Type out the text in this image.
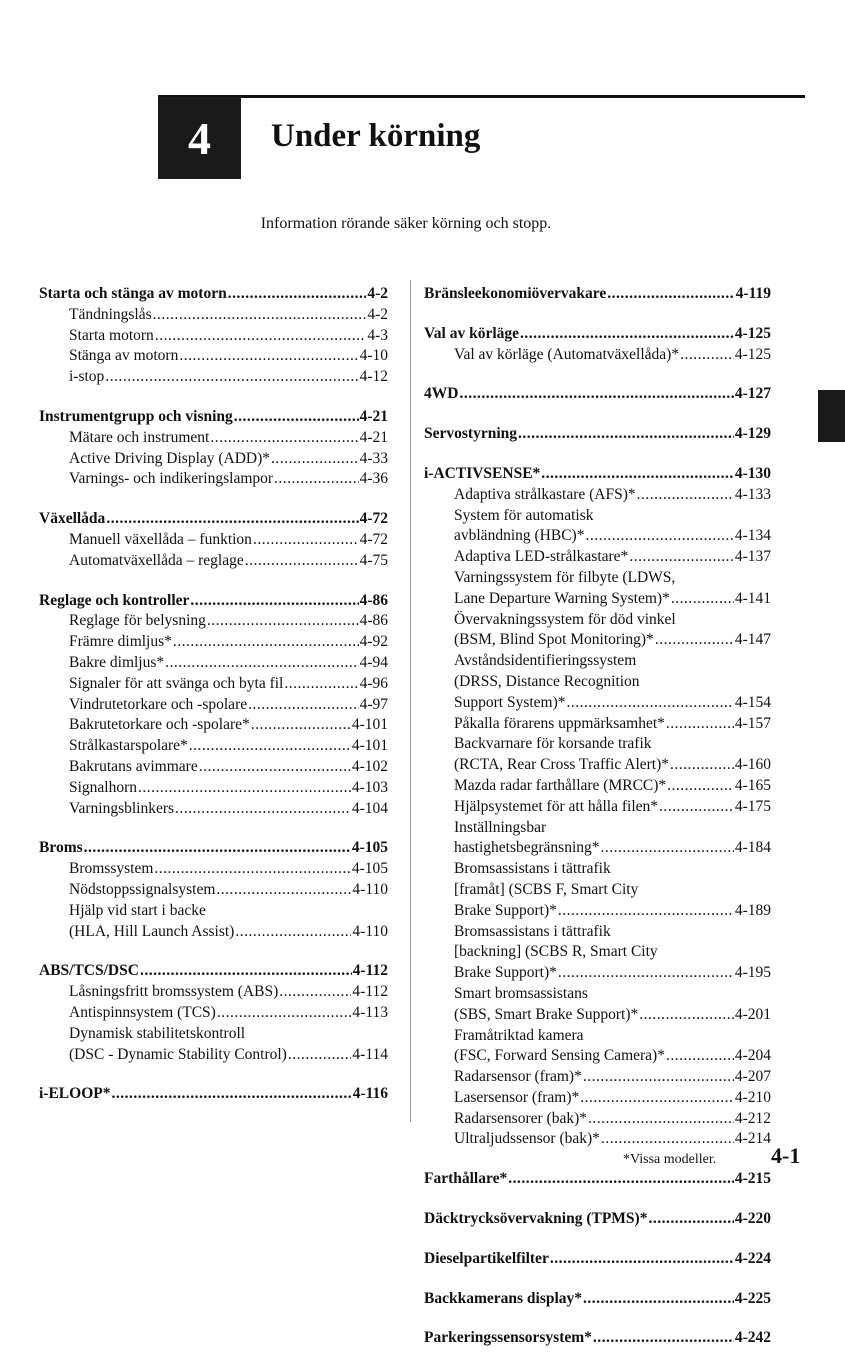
4 Under körning
Information rörande säker körning och stopp.
Starta och stänga av motorn .....	4-2
Tändningslås .....	4-2
Starta motorn .....	4-3
Stänga av motorn .....	4-10
i-stop .....	4-12
Instrumentgrupp och visning .....	4-21
Mätare och instrument .....	4-21
Active Driving Display (ADD)* .....	4-33
Varnings- och indikeringslampor .....	4-36
Växellåda .....	4-72
Manuell växellåda – funktion .....	4-72
Automatväxellåda – reglage .....	4-75
Reglage och kontroller .....	4-86
Reglage för belysning .....	4-86
Främre dimljus* .....	4-92
Bakre dimljus* .....	4-94
Signaler för att svänga och byta fil .....	4-96
Vindrutetorkare och -spolare .....	4-97
Bakrutetorkare och -spolare* .....	4-101
Strålkastarspolare* .....	4-101
Bakrutans avimmare .....	4-102
Signalhorn .....	4-103
Varningsblinkers .....	4-104
Broms .....	4-105
Bromssystem .....	4-105
Nödstoppssignalsystem .....	4-110
Hjälp vid start i backe
(HLA, Hill Launch Assist) .....	4-110
ABS/TCS/DSC .....	4-112
Låsningsfritt bromssystem (ABS) .....	4-112
Antispinnsystem (TCS) .....	4-113
Dynamisk stabilitetskontroll
(DSC - Dynamic Stability Control) .....	4-114
i-ELOOP* .....	4-116
Bränsleekonomiövervakare .....	4-119
Val av körläge .....	4-125
Val av körläge (Automatväxellåda)* .....	4-125
4WD .....	4-127
Servostyrning .....	4-129
i-ACTIVSENSE* .....	4-130
Adaptiva strålkastare (AFS)* .....	4-133
System för automatisk
avbländning (HBC)* .....	4-134
Adaptiva LED-strålkastare* .....	4-137
Varningssystem för filbyte (LDWS,
Lane Departure Warning System)* .....	4-141
Övervakningssystem för död vinkel
(BSM, Blind Spot Monitoring)* .....	4-147
Avståndsidentifieringssystem
(DRSS, Distance Recognition
Support System)* .....	4-154
Påkalla förarens uppmärksamhet* .....	4-157
Backvarnare för korsande trafik
(RCTA, Rear Cross Traffic Alert)* .....	4-160
Mazda radar farthållare (MRCC)* .....	4-165
Hjälpsystemet för att hålla filen* .....	4-175
Inställningsbar
hastighetsbegränsning* .....	4-184
Bromsassistans i tättrafik
[framåt] (SCBS F, Smart City
Brake Support)* .....	4-189
Bromsassistans i tättrafik
[backning] (SCBS R, Smart City
Brake Support)* .....	4-195
Smart bromsassistans
(SBS, Smart Brake Support)* .....	4-201
Framåtriktad kamera
(FSC, Forward Sensing Camera)* .....	4-204
Radarsensor (fram)* .....	4-207
Lasersensor (fram)* .....	4-210
Radarsensorer (bak)* .....	4-212
Ultraljudssensor (bak)* .....	4-214
Farthållare* .....	4-215
Däcktrycksövervakning (TPMS)* .....	4-220
Dieselpartikelfilter .....	4-224
Backkamerans display* .....	4-225
Parkeringssensorsystem* .....	4-242
*Vissa modeller. 4-1
